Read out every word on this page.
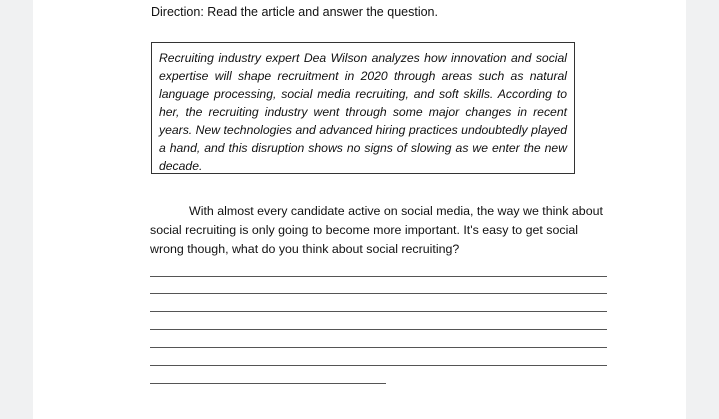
Direction: Read the article and answer the question.

Recruiting industry expert Dea Wilson analyzes how innovation and social expertise will shape recruitment in 2020 through areas such as natural language processing, social media recruiting, and soft skills. According to her, the recruiting industry went through some major changes in recent years. New technologies and advanced hiring practices undoubtedly played a hand, and this disruption shows no signs of slowing as we enter the new decade.

With almost every candidate active on social media, the way we think about social recruiting is only going to become more important. It's easy to get social wrong though, what do you think about social recruiting?
